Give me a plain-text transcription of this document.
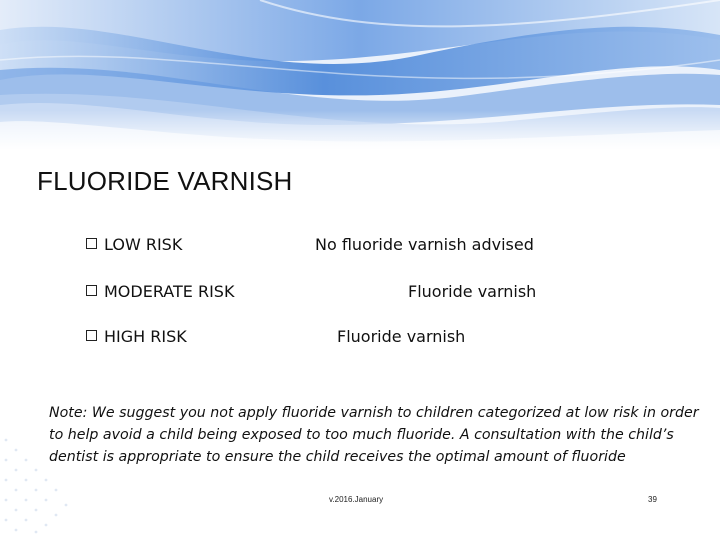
FLUORIDE VARNISH
LOW RISK	No fluoride varnish advised
MODERATE RISK	Fluoride varnish
HIGH RISK	Fluoride varnish
Note: We suggest you not apply fluoride varnish to children categorized at low risk in order to help avoid a child being exposed to too much fluoride. A consultation with the child’s dentist is appropriate to ensure the child receives the optimal amount of fluoride
v.2016.January	39
